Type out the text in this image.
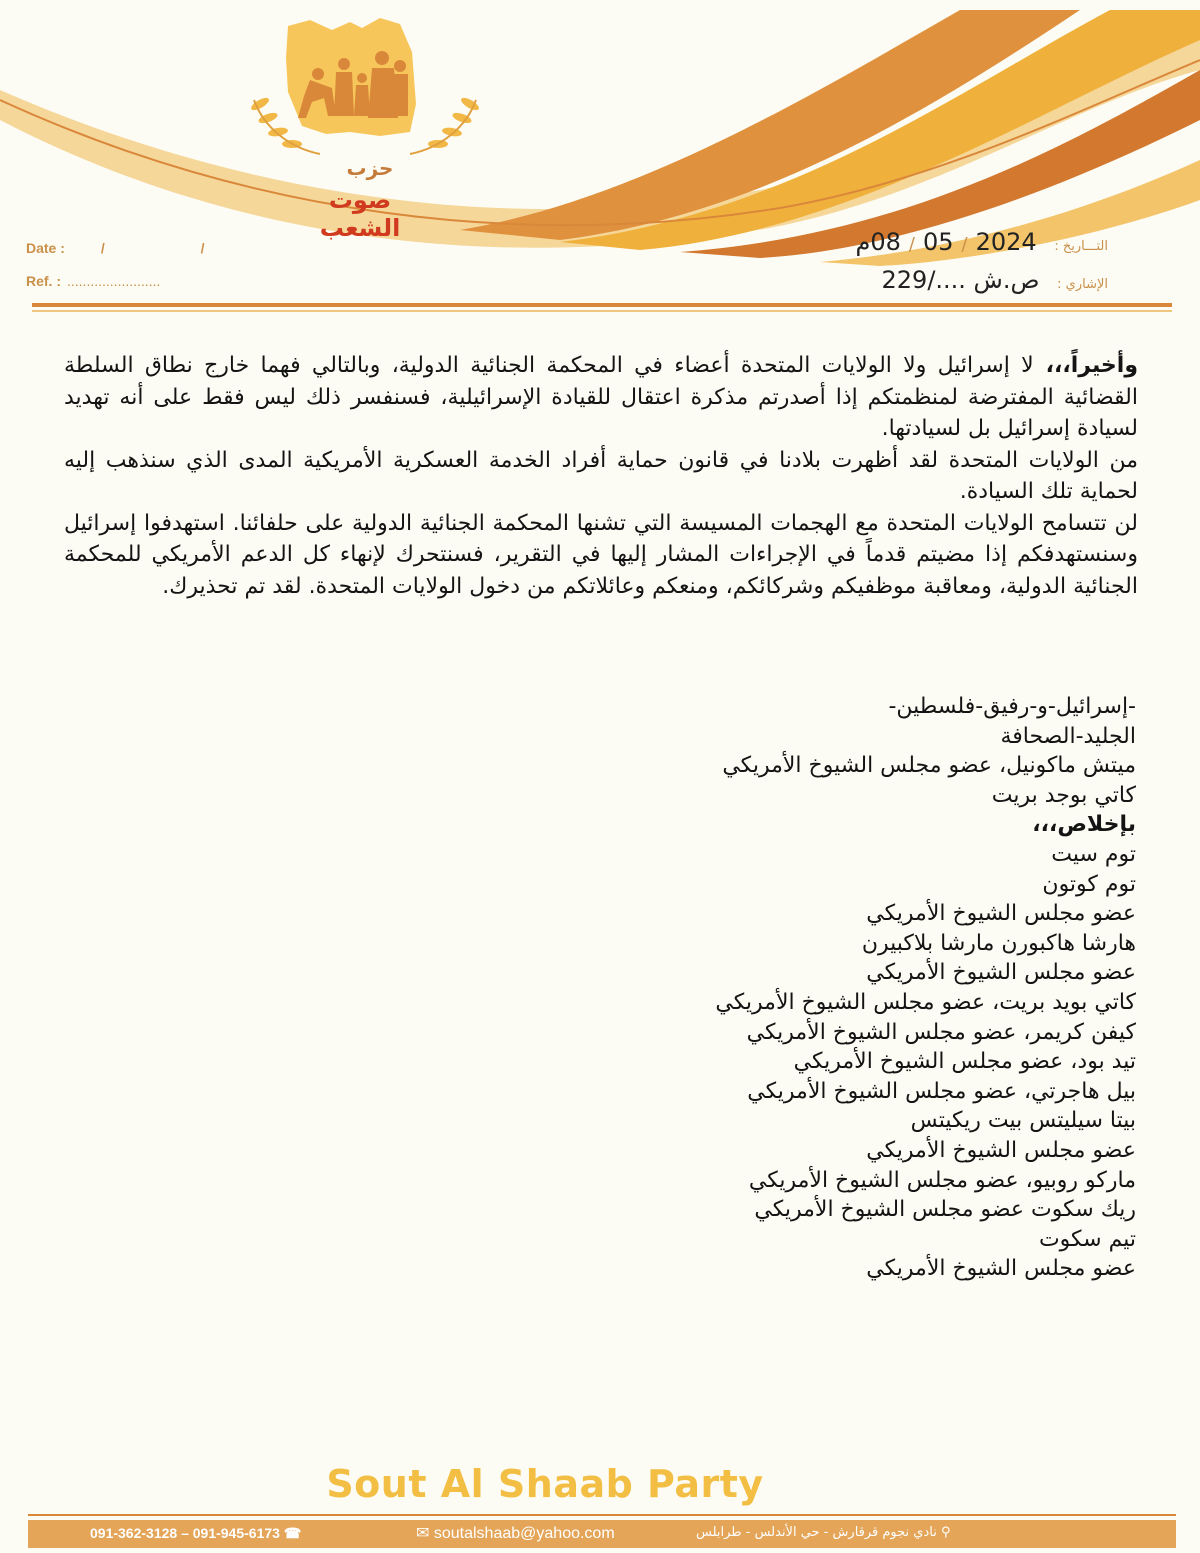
حزب
صوت الشعب
Date :	/ /
Ref. : ........................
التـــاريخ : 08 / 05 /2024م
الإشاري : ص.ش ..../229

وأخيراً،،، لا إسرائيل ولا الولايات المتحدة أعضاء في المحكمة الجنائية الدولية، وبالتالي فهما خارج نطاق السلطة القضائية المفترضة لمنظمتكم إذا أصدرتم مذكرة اعتقال للقيادة الإسرائيلية، فسنفسر ذلك ليس فقط على أنه تهديد لسيادة إسرائيل بل لسيادتها.

من الولايات المتحدة لقد أظهرت بلادنا في قانون حماية أفراد الخدمة العسكرية الأمريكية المدى الذي سنذهب إليه لحماية تلك السيادة.

لن تتسامح الولايات المتحدة مع الهجمات المسيسة التي تشنها المحكمة الجنائية الدولية على حلفائنا. استهدفوا إسرائيل وسنستهدفكم إذا مضيتم قدماً في الإجراءات المشار إليها في التقرير، فسنتحرك لإنهاء كل الدعم الأمريكي للمحكمة الجنائية الدولية، ومعاقبة موظفيكم وشركائكم، ومنعكم وعائلاتكم من دخول الولايات المتحدة. لقد تم تحذيرك.

-إسرائيل-و-رفيق-فلسطين-
الجليد-الصحافة
ميتش ماكونيل، عضو مجلس الشيوخ الأمريكي
كاتي بوجد بريت
بإخلاص،،،
توم سيت
توم كوتون
عضو مجلس الشيوخ الأمريكي
هارشا هاكبورن مارشا بلاكبيرن
عضو مجلس الشيوخ الأمريكي
كاتي بويد بريت، عضو مجلس الشيوخ الأمريكي
كيفن كريمر، عضو مجلس الشيوخ الأمريكي
تيد بود، عضو مجلس الشيوخ الأمريكي
بيل هاجرتي، عضو مجلس الشيوخ الأمريكي
بيتا سيليتس بيت ريكيتس
عضو مجلس الشيوخ الأمريكي
ماركو روبيو، عضو مجلس الشيوخ الأمريكي
ريك سكوت عضو مجلس الشيوخ الأمريكي
تيم سكوت
عضو مجلس الشيوخ الأمريكي
Sout Al Shaab Party
091-362-3128 – 091-945-6173 ☎	✉ soutalshaab@yahoo.com	⚲ نادي نجوم قرقارش - حي الأندلس - طرابلس
